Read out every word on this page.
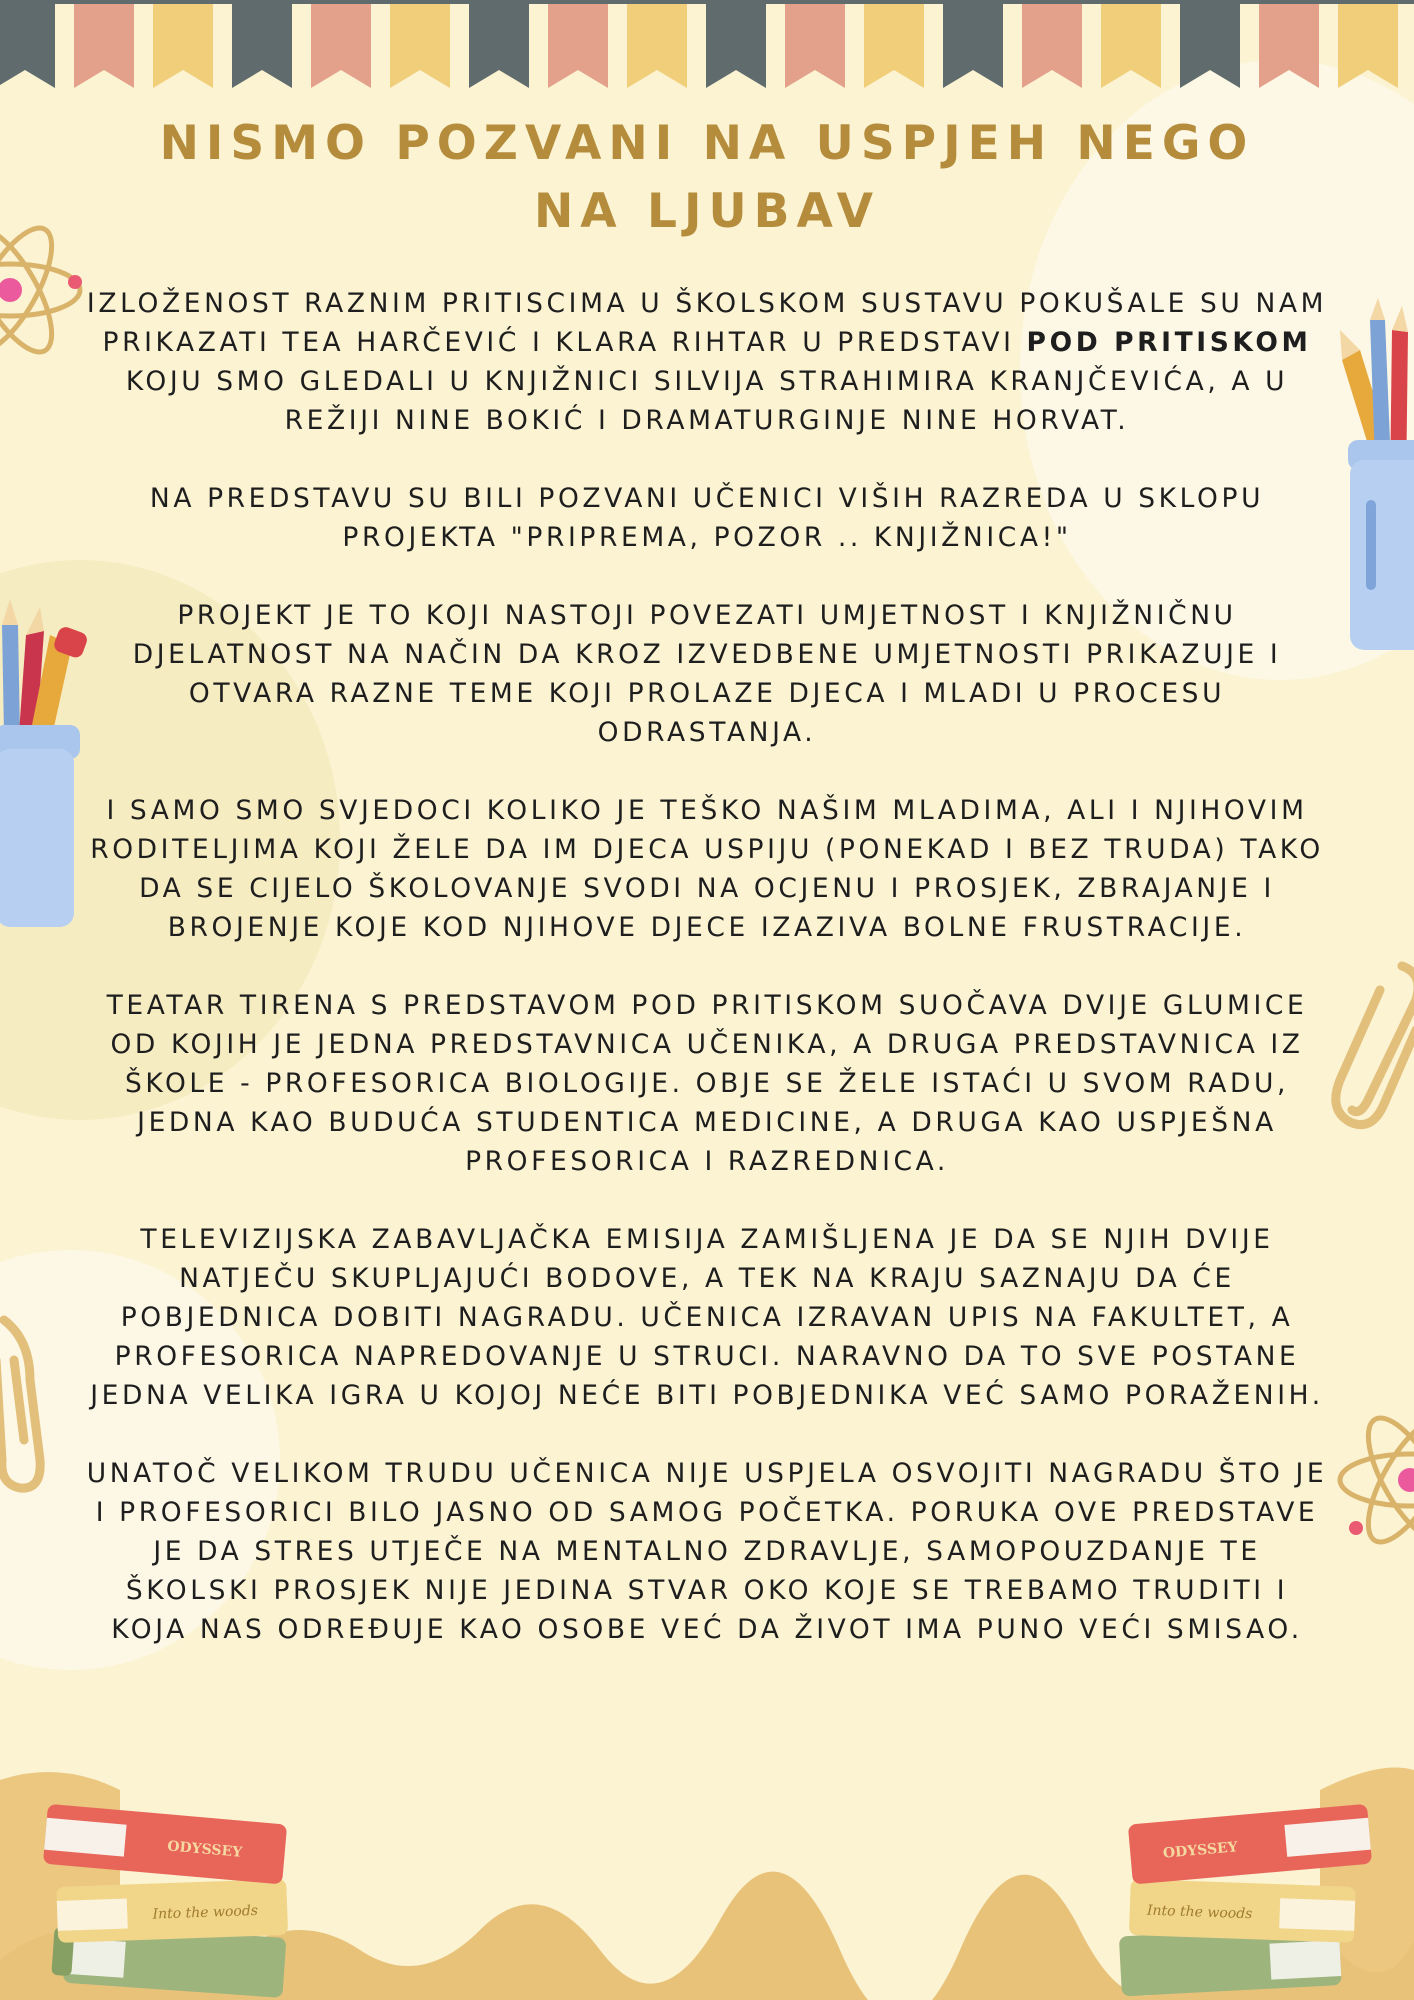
Into the woods
ODYSSEY
Into the woods
ODYSSEY
NISMO POZVANI NA USPJEH NEGO
NA LJUBAV

IZLOŽENOST RAZNIM PRITISCIMA U ŠKOLSKOM SUSTAVU POKUŠALE SU NAM PRIKAZATI TEA HARČEVIĆ I KLARA RIHTAR U PREDSTAVI POD PRITISKOM KOJU SMO GLEDALI U KNJIŽNICI SILVIJA STRAHIMIRA KRANJČEVIĆA, A U REŽIJI NINE BOKIĆ I DRAMATURGINJE NINE HORVAT.

NA PREDSTAVU SU BILI POZVANI UČENICI VIŠIH RAZREDA U SKLOPU PROJEKTA "PRIPREMA, POZOR .. KNJIŽNICA!"

PROJEKT JE TO KOJI NASTOJI POVEZATI UMJETNOST I KNJIŽNIČNU DJELATNOST NA NAČIN DA KROZ IZVEDBENE UMJETNOSTI PRIKAZUJE I OTVARA RAZNE TEME KOJI PROLAZE DJECA I MLADI U PROCESU ODRASTANJA.

I SAMO SMO SVJEDOCI KOLIKO JE TEŠKO NAŠIM MLADIMA, ALI I NJIHOVIM RODITELJIMA KOJI ŽELE DA IM DJECA USPIJU (PONEKAD I BEZ TRUDA) TAKO DA SE CIJELO ŠKOLOVANJE SVODI NA OCJENU I PROSJEK, ZBRAJANJE I BROJENJE KOJE KOD NJIHOVE DJECE IZAZIVA BOLNE FRUSTRACIJE.

TEATAR TIRENA S PREDSTAVOM POD PRITISKOM SUOČAVA DVIJE GLUMICE OD KOJIH JE JEDNA PREDSTAVNICA UČENIKA, A DRUGA PREDSTAVNICA IZ ŠKOLE - PROFESORICA BIOLOGIJE. OBJE SE ŽELE ISTAĆI U SVOM RADU, JEDNA KAO BUDUĆA STUDENTICA MEDICINE, A DRUGA KAO USPJEŠNA PROFESORICA I RAZREDNICA.

TELEVIZIJSKA ZABAVLJAČKA EMISIJA ZAMIŠLJENA JE DA SE NJIH DVIJE NATJEČU SKUPLJAJUĆI BODOVE, A TEK NA KRAJU SAZNAJU DA ĆE POBJEDNICA DOBITI NAGRADU. UČENICA IZRAVAN UPIS NA FAKULTET, A PROFESORICA NAPREDOVANJE U STRUCI. NARAVNO DA TO SVE POSTANE JEDNA VELIKA IGRA U KOJOJ NEĆE BITI POBJEDNIKA VEĆ SAMO PORAŽENIH.

UNATOČ VELIKOM TRUDU UČENICA NIJE USPJELA OSVOJITI NAGRADU ŠTO JE I PROFESORICI BILO JASNO OD SAMOG POČETKA. PORUKA OVE PREDSTAVE JE DA STRES UTJEČE NA MENTALNO ZDRAVLJE, SAMOPOUZDANJE TE ŠKOLSKI PROSJEK NIJE JEDINA STVAR OKO KOJE SE TREBAMO TRUDITI I KOJA NAS ODREĐUJE KAO OSOBE VEĆ DA ŽIVOT IMA PUNO VEĆI SMISAO.
